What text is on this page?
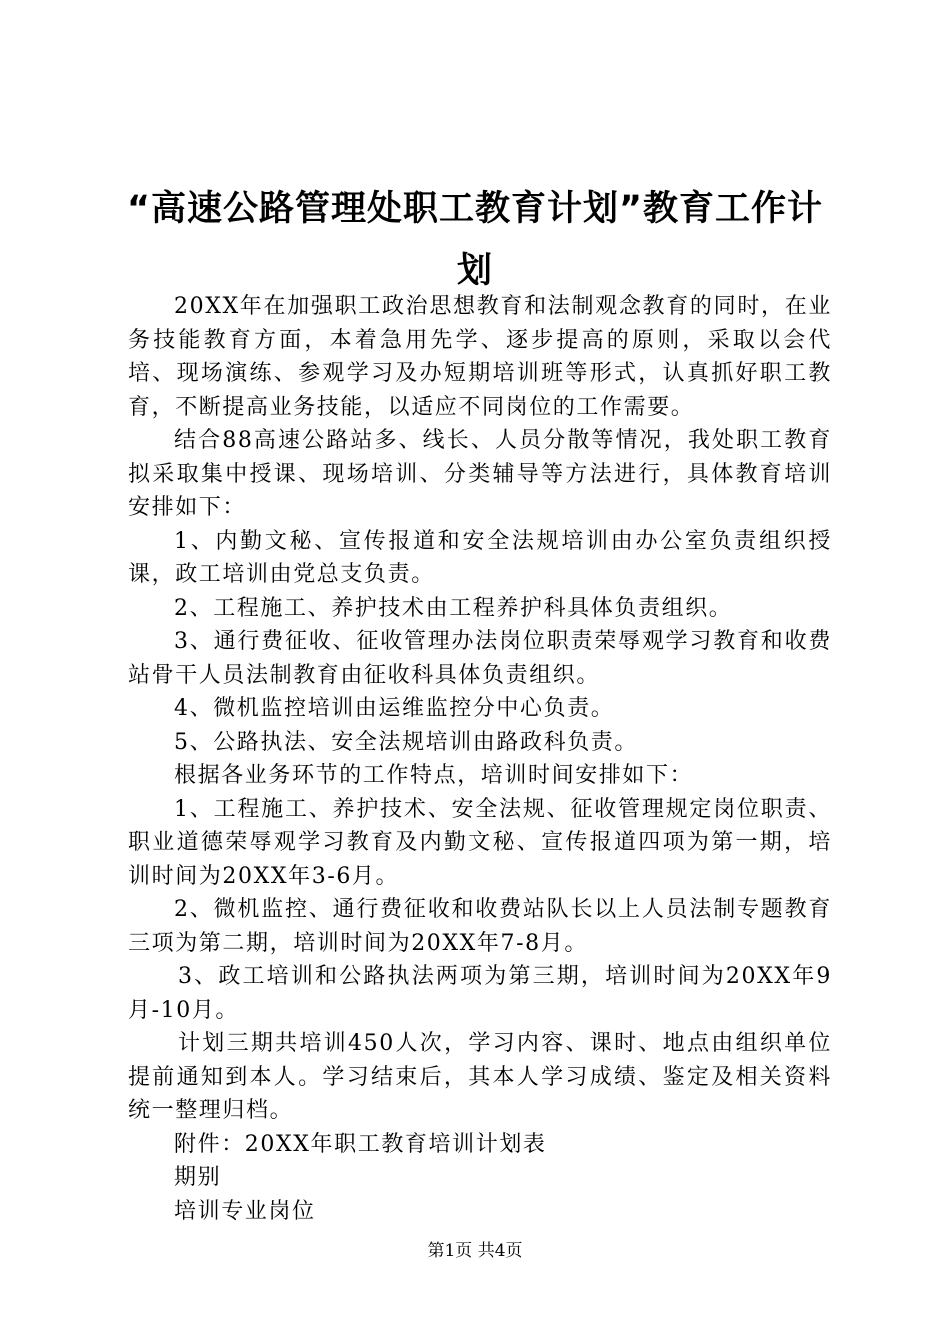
“高速公路管理处职工教育计划”教育工作计划

20XX年在加强职工政治思想教育和法制观念教育的同时，在业务技能教育方面，本着急用先学、逐步提高的原则，采取以会代培、现场演练、参观学习及办短期培训班等形式，认真抓好职工教育，不断提高业务技能，以适应不同岗位的工作需要。

结合88高速公路站多、线长、人员分散等情况，我处职工教育拟采取集中授课、现场培训、分类辅导等方法进行，具体教育培训安排如下：

1、内勤文秘、宣传报道和安全法规培训由办公室负责组织授课，政工培训由党总支负责。

2、工程施工、养护技术由工程养护科具体负责组织。

3、通行费征收、征收管理办法岗位职责荣辱观学习教育和收费站骨干人员法制教育由征收科具体负责组织。

4、微机监控培训由运维监控分中心负责。

5、公路执法、安全法规培训由路政科负责。

根据各业务环节的工作特点，培训时间安排如下：

1、工程施工、养护技术、安全法规、征收管理规定岗位职责、职业道德荣辱观学习教育及内勤文秘、宣传报道四项为第一期，培训时间为20XX年3-6月。

2、微机监控、通行费征收和收费站队长以上人员法制专题教育三项为第二期，培训时间为20XX年7-8月。

3、政工培训和公路执法两项为第三期，培训时间为20XX年9月-10月。

计划三期共培训450人次，学习内容、课时、地点由组织单位提前通知到本人。学习结束后，其本人学习成绩、鉴定及相关资料统一整理归档。

附件：20XX年职工教育培训计划表

期别

培训专业岗位

第1页 共4页
